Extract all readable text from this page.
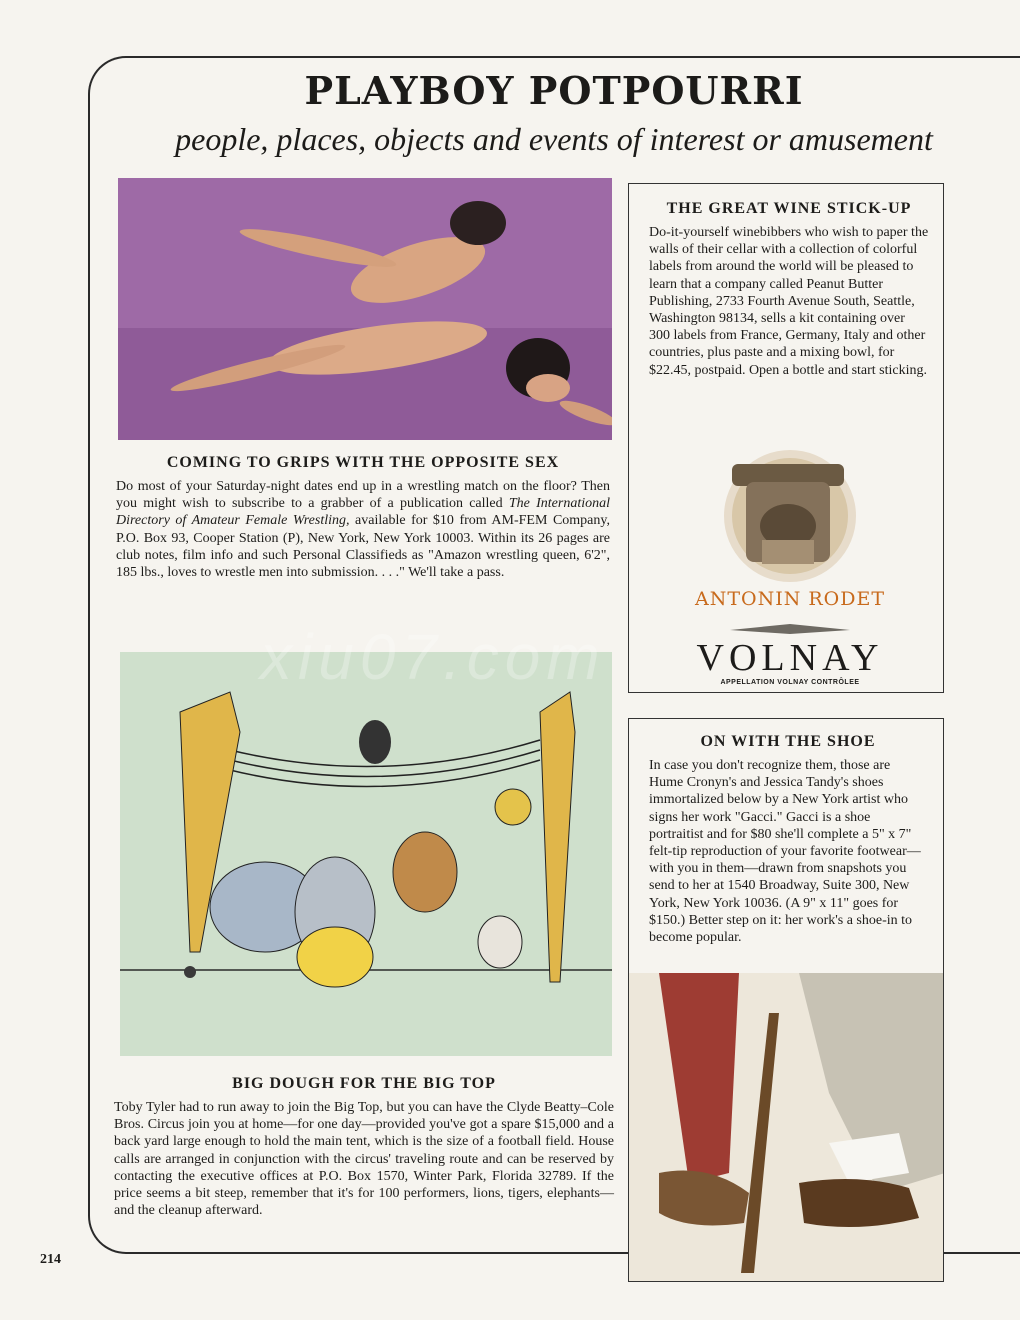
PLAYBOY POTPOURRI
people, places, objects and events of interest or amusement

COMING TO GRIPS WITH THE OPPOSITE SEX

Do most of your Saturday-night dates end up in a wrestling match on the floor? Then you might wish to subscribe to a grabber of a publication called The International Directory of Amateur Female Wrestling, available for $10 from AM-FEM Company, P.O. Box 93, Cooper Station (P), New York, New York 10003. Within its 26 pages are club notes, film info and such Personal Classifieds as "Amazon wrestling queen, 6'2", 185 lbs., loves to wrestle men into submission. . . ." We'll take a pass.

THE GREAT WINE STICK-UP

Do-it-yourself winebibbers who wish to paper the walls of their cellar with a collection of colorful labels from around the world will be pleased to learn that a company called Peanut Butter Publishing, 2733 Fourth Avenue South, Seattle, Washington 98134, sells a kit containing over 300 labels from France, Germany, Italy and other countries, plus paste and a mixing bowl, for $22.45, postpaid. Open a bottle and start sticking.

ANTONIN RODET
VOLNAY
APPELLATION VOLNAY CONTRÔLEE

BIG DOUGH FOR THE BIG TOP

Toby Tyler had to run away to join the Big Top, but you can have the Clyde Beatty–Cole Bros. Circus join you at home—for one day—provided you've got a spare $15,000 and a back yard large enough to hold the main tent, which is the size of a football field. House calls are arranged in conjunction with the circus' traveling route and can be reserved by contacting the executive offices at P.O. Box 1570, Winter Park, Florida 32789. If the price seems a bit steep, remember that it's for 100 performers, lions, tigers, elephants—and the cleanup afterward.

ON WITH THE SHOE

In case you don't recognize them, those are Hume Cronyn's and Jessica Tandy's shoes immortalized below by a New York artist who signs her work "Gacci." Gacci is a shoe portraitist and for $80 she'll complete a 5" x 7" felt-tip reproduction of your favorite footwear—with you in them—drawn from snapshots you send to her at 1540 Broadway, Suite 300, New York, New York 10036. (A 9" x 11" goes for $150.) Better step on it: her work's a shoe-in to become popular.

xiu07.com
214
